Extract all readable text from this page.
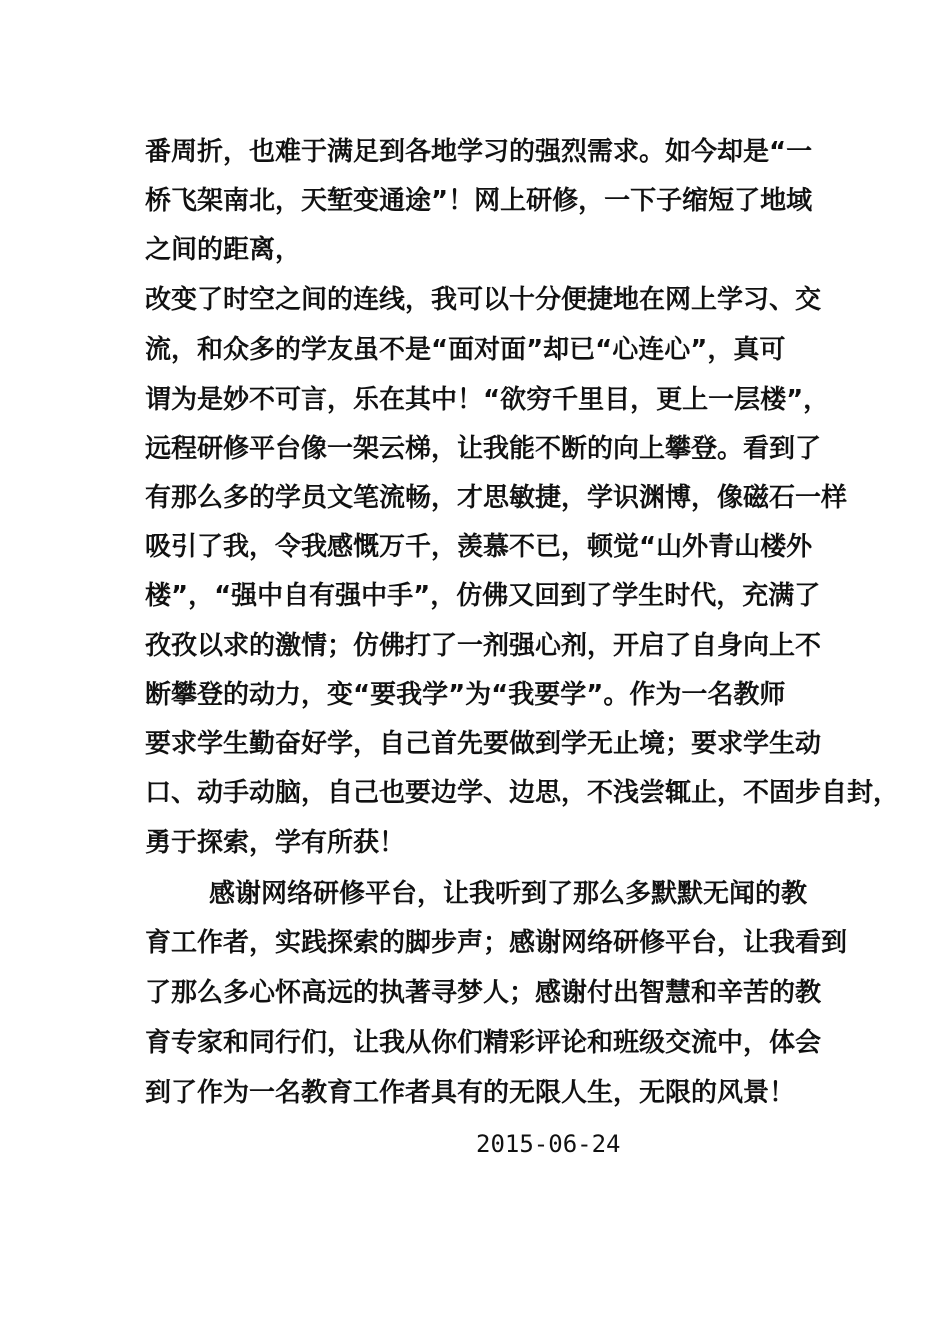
番周折，也难于满足到各地学习的强烈需求。如今却是“一
桥飞架南北，天堑变通途”！网上研修，一下子缩短了地域
之间的距离，
改变了时空之间的连线，我可以十分便捷地在网上学习、交
流，和众多的学友虽不是“面对面”却已“心连心”，真可
谓为是妙不可言，乐在其中！“欲穷千里目，更上一层楼”，
远程研修平台像一架云梯，让我能不断的向上攀登。看到了
有那么多的学员文笔流畅，才思敏捷，学识渊博，像磁石一样
吸引了我，令我感慨万千，羡慕不已，顿觉“山外青山楼外
楼”，“强中自有强中手”，仿佛又回到了学生时代，充满了
孜孜以求的激情；仿佛打了一剂强心剂，开启了自身向上不
断攀登的动力，变“要我学”为“我要学”。作为一名教师
要求学生勤奋好学，自己首先要做到学无止境；要求学生动
口、动手动脑，自己也要边学、边思，不浅尝辄止，不固步自封，
勇于探索，学有所获！
感谢网络研修平台，让我听到了那么多默默无闻的教
育工作者，实践探索的脚步声；感谢网络研修平台，让我看到
了那么多心怀高远的执著寻梦人；感谢付出智慧和辛苦的教
育专家和同行们，让我从你们精彩评论和班级交流中，体会
到了作为一名教育工作者具有的无限人生，无限的风景！
2015-06-24
